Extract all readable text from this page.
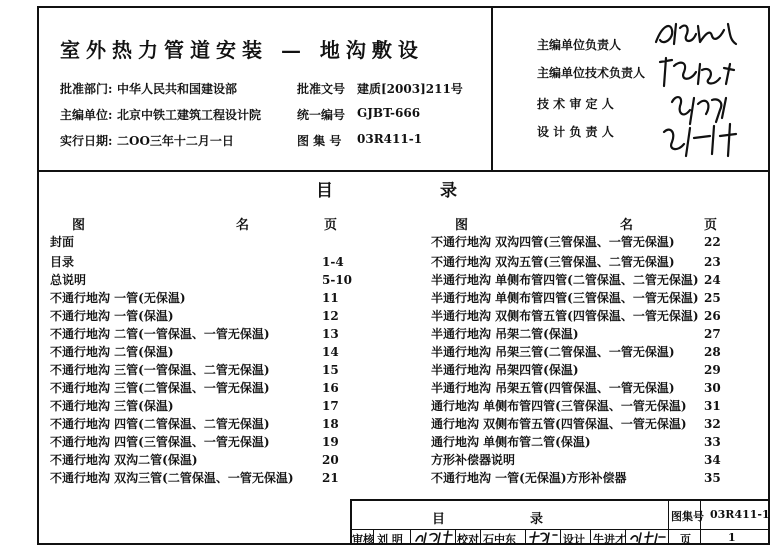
室外热力管道安装 — 地沟敷设
批准部门: 中华人民共和国建设部	批准文号 建质[2003]211号
主编单位: 北京中铁工建筑工程设计院	统一编号 GJBT-666
实行日期: 二OO三年十二月一日	图 集 号 03R411-1
主编单位负责人
主编单位技术负责人
技 术 审 定 人
设 计 负 责 人
目	录
图	名	页	图	名	页
封面
目录	1-4
总说明	5-10
不通行地沟 一管(无保温)	11
不通行地沟 一管(保温)	12
不通行地沟 二管(一管保温、一管无保温)	13
不通行地沟 二管(保温)	14
不通行地沟 三管(一管保温、二管无保温)	15
不通行地沟 三管(二管保温、一管无保温)	16
不通行地沟 三管(保温)	17
不通行地沟 四管(二管保温、二管无保温)	18
不通行地沟 四管(三管保温、一管无保温)	19
不通行地沟 双沟二管(保温)	20
不通行地沟 双沟三管(二管保温、一管无保温) 21
不通行地沟 双沟四管(三管保温、一管无保温) 22
不通行地沟 双沟五管(三管保温、二管无保温) 23
半通行地沟 单侧布管四管(二管保温、二管无保温) 24
半通行地沟 单侧布管四管(三管保温、一管无保温) 25
半通行地沟 双侧布管五管(四管保温、一管无保温) 26
半通行地沟 吊架二管(保温)	27
半通行地沟 吊架三管(二管保温、一管无保温) 28
半通行地沟 吊架四管(保温)	29
半通行地沟 吊架五管(四管保温、一管无保温) 30
通行地沟 单侧布管四管(三管保温、一管无保温) 31
通行地沟 双侧布管五管(四管保温、一管无保温) 32
通行地沟 单侧布管二管(保温)	33
方形补偿器说明	34
不通行地沟 一管(无保温)方形补偿器	35
目	录	图集号 03R411-1
审核 刘 明	校对 石中东	设计 牛进才	页	1
